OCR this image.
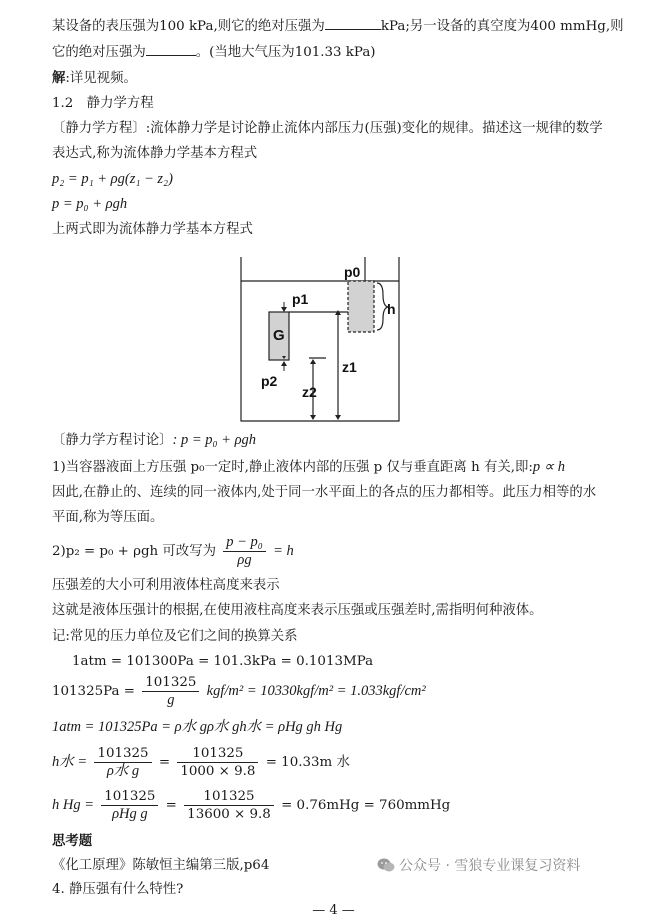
某设备的表压强为100 kPa,则它的绝对压强为	kPa;另一设备的真空度为400 mmHg,则
它的绝对压强为	。(当地大气压为101.33 kPa)
解:详见视频。
1.2　静力学方程
〔静力学方程〕:流体静力学是讨论静止流体内部压力(压强)变化的规律。描述这一规律的数学
表达式,称为流体静力学基本方程式
p₂ = p₁ + ρg(z₁ − z₂)
p = p₀ + ρgh
上两式即为流体静力学基本方程式
p0
p1
G
h
z1
p2
z2
〔静力学方程讨论〕: p = p₀ + ρgh
1)当容器液面上方压强 p₀一定时,静止液体内部的压强 p 仅与垂直距离 h 有关,即:p ∝ h
因此,在静止的、连续的同一液体内,处于同一水平面上的各点的压力都相等。此压力相等的水
平面,称为等压面。
2)p₂ = p₀ + ρgh 可改写为 $\frac{\text{p − p₀}}{\rho g} = h$
压强差的大小可利用液体柱高度来表示
这就是液体压强计的根据,在使用液柱高度来表示压强或压强差时,需指明何种液体。
记:常见的压力单位及它们之间的换算关系
1atm = 101300Pa = 101.3kPa = 0.1013MPa
$101325Pa = \frac{101325}{g} kgf/m^2 = 10330kgf/m^2 = 1.033kgf/cm^2$
1atm = 101325Pa = ρ水 gρ水 gh水 = ρHg gh Hg
h水 = $\frac{101325}{\text{ρ水 g}} = \frac{101325}{1000 \times 9.8} = 10.33m$ 水
h $Hg = \frac{101325}{\text{ρHg g}} = \frac{101325}{13600 \times 9.8} = 0.76mHg$ = 760mmHg
思考题
《化工原理》陈敏恒主编第三版,p64
4. 静压强有什么特性?
公众号 · 雪狼专业课复习资料
— 4 —
